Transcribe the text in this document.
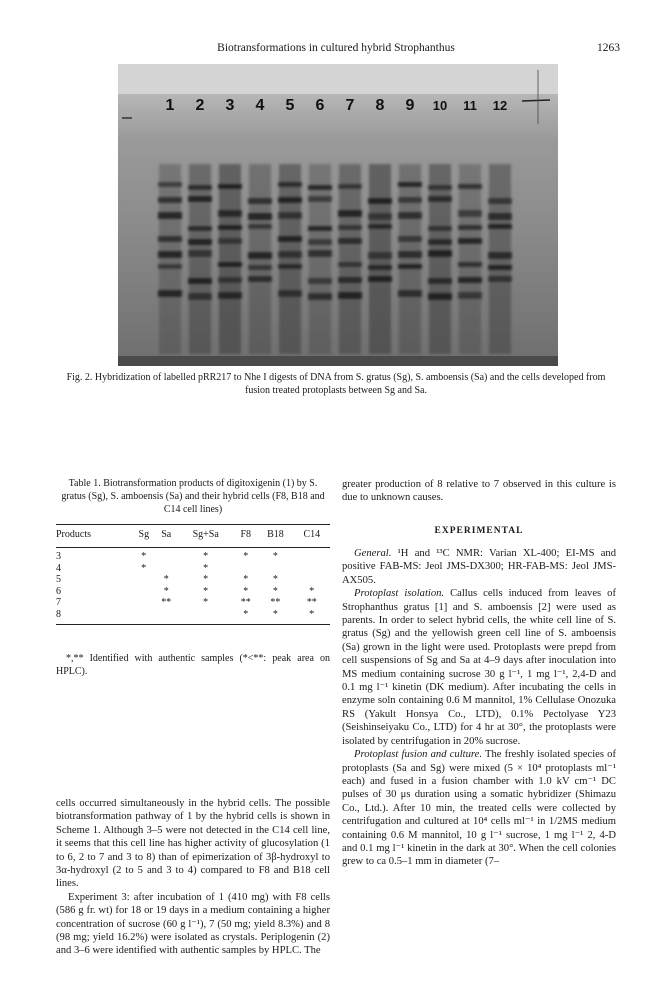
Biotransformations in cultured hybrid Strophanthus	1263
1 2 3 4 5 6 7 8 9 10 11 12
Fig. 2. Hybridization of labelled pRR217 to Nhe I digests of DNA from S. gratus (Sg), S. amboensis (Sa) and the cells developed from fusion treated protoplasts between Sg and Sa.
Table 1. Biotransformation products of digitoxigenin (1) by S. gratus (Sg), S. amboensis (Sa) and their hybrid cells (F8, B18 and C14 cell lines)
Products	Sg	Sa	Sg+Sa	F8	B18	C14
3	*		*	*	*	
4	*		*			
5		*	*	*	*	
6		*	*	*	*	*
7		**	*	**	**	**
8				*	*	*
*,** Identified with authentic samples (*<**: peak area on HPLC).

cells occurred simultaneously in the hybrid cells. The possible biotransformation pathway of 1 by the hybrid cells is shown in Scheme 1. Although 3–5 were not detected in the C14 cell line, it seems that this cell line has higher activity of glucosylation (1 to 6, 2 to 7 and 3 to 8) than of epimerization of 3β-hydroxyl to 3α-hydroxyl (2 to 5 and 3 to 4) compared to F8 and B18 cell lines.

Experiment 3: after incubation of 1 (410 mg) with F8 cells (586 g fr. wt) for 18 or 19 days in a medium containing a higher concentration of sucrose (60 g l⁻¹), 7 (50 mg; yield 8.3%) and 8 (98 mg; yield 16.2%) were isolated as crystals. Periplogenin (2) and 3–6 were identified with authentic samples by HPLC. The

greater production of 8 relative to 7 observed in this culture is due to unknown causes.

EXPERIMENTAL

General. ¹H and ¹³C NMR: Varian XL-400; EI-MS and positive FAB-MS: Jeol JMS-DX300; HR-FAB-MS: Jeol JMS-AX505.

Protoplast isolation. Callus cells induced from leaves of Strophanthus gratus [1] and S. amboensis [2] were used as parents. In order to select hybrid cells, the white cell line of S. gratus (Sg) and the yellowish green cell line of S. amboensis (Sa) grown in the light were used. Protoplasts were prepd from cell suspensions of Sg and Sa at 4–9 days after inoculation into MS medium containing sucrose 30 g l⁻¹, 1 mg l⁻¹, 2,4-D and 0.1 mg l⁻¹ kinetin (DK medium). After incubating the cells in enzyme soln containing 0.6 M mannitol, 1% Cellulase Onozuka RS (Yakult Honsya Co., LTD), 0.1% Pectolyase Y23 (Seishinseiyaku Co., LTD) for 4 hr at 30°, the protoplasts were isolated by centrifugation in 20% sucrose.

Protoplast fusion and culture. The freshly isolated species of protoplasts (Sa and Sg) were mixed (5 × 10⁴ protoplasts ml⁻¹ each) and fused in a fusion chamber with 1.0 kV cm⁻¹ DC pulses of 30 μs duration using a somatic hybridizer (Shimazu Co., Ltd.). After 10 min, the treated cells were collected by centrifugation and cultured at 10⁴ cells ml⁻¹ in 1/2MS medium containing 0.6 M mannitol, 10 g l⁻¹ sucrose, 1 mg l⁻¹ 2, 4-D and 0.1 mg l⁻¹ kinetin in the dark at 30°. When the cell colonies grew to ca 0.5–1 mm in diameter (7–
